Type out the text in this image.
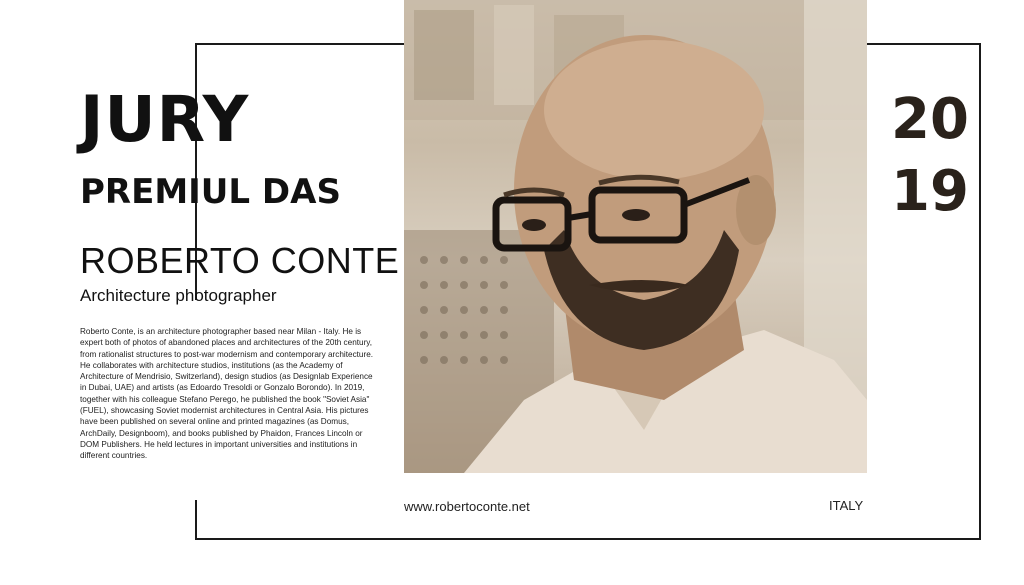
JURY
PREMIUL DAS
ROBERTO CONTE
Architecture photographer
Roberto Conte, is an architecture photographer based near Milan - Italy. He is expert both of photos of abandoned places and architectures of the 20th century, from rationalist structures to post-war modernism and contemporary architecture. He collaborates with architecture studios, institutions (as the Academy of Architecture of Mendrisio, Switzerland), design studios (as Designlab Experience in Dubai, UAE) and artists (as Edoardo Tresoldi or Gonzalo Borondo). In 2019, together with his colleague Stefano Perego, he published the book "Soviet Asia" (FUEL), showcasing Soviet modernist architectures in Central Asia. His pictures have been published on several online and printed magazines (as Domus, ArchDaily, Designboom), and books published by Phaidon, Frances Lincoln or DOM Publishers. He held lectures in important universities and institutions in different countries.
20
19
www.robertoconte.net	ITALY
